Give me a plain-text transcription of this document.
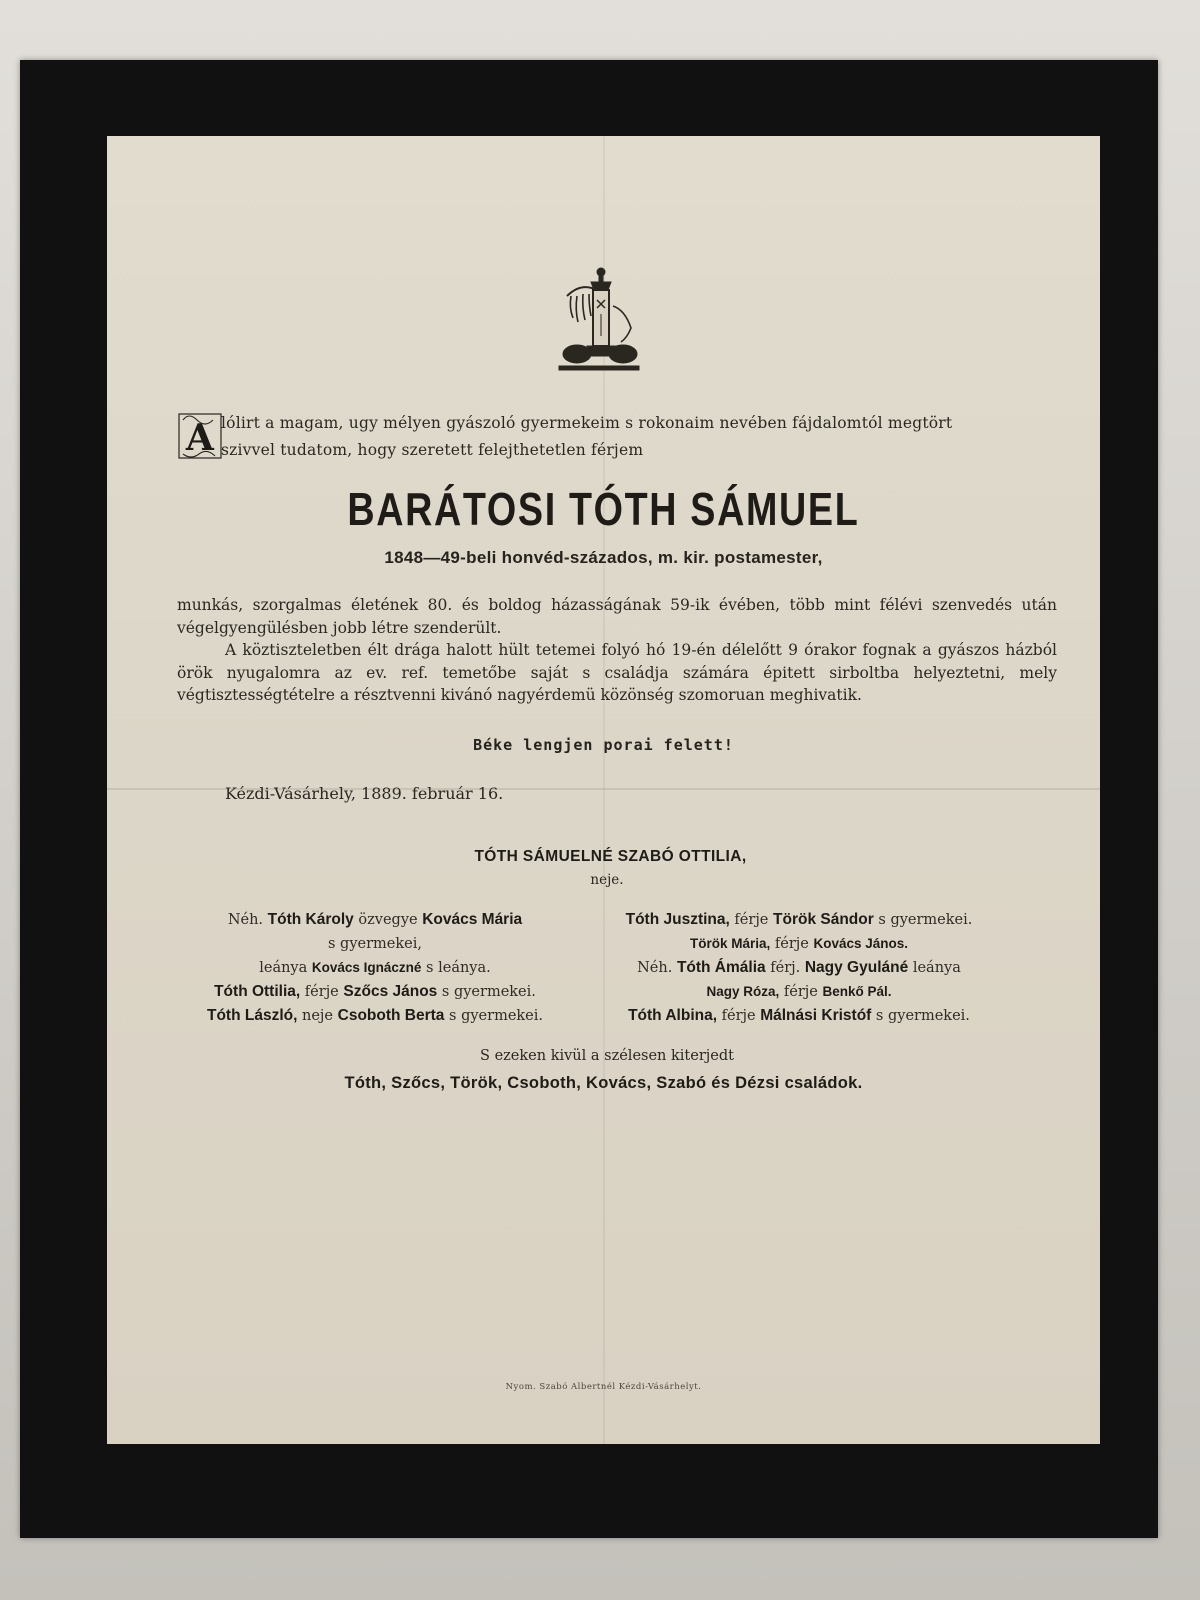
A lólirt a magam, ugy mélyen gyászoló gyermekeim s rokonaim nevében fájdalomtól megtört
szivvel tudatom, hogy szeretett felejthetetlen férjem
BARÁTOSI TÓTH SÁMUEL
1848—49-beli honvéd-százados, m. kir. postamester,

munkás, szorgalmas életének 80. és boldog házasságának 59-ik évében, több mint félévi szenvedés után végelgyengülésben jobb létre szenderült.

A köztiszteletben élt drága halott hült tetemei folyó hó 19-én délelőtt 9 órakor fognak a gyászos házból örök nyugalomra az ev. ref. temetőbe saját s családja számára épitett sirboltba helyeztetni, mely végtisztességtételre a résztvenni kivánó nagyérdemü közönség szomoruan meghivatik.

Béke lengjen porai felett!
Kézdi-Vásárhely, 1889. február 16.
TÓTH SÁMUELNÉ SZABÓ OTTILIA,
neje.
Néh. Tóth Károly özvegye Kovács Mária
s gyermekei,
leánya Kovács Ignáczné s leánya.
Tóth Ottilia, férje Szőcs János s gyermekei.
Tóth László, neje Csoboth Berta s gyermekei.
Tóth Jusztina, férje Török Sándor s gyermekei.
Török Mária, férje Kovács János.
Néh. Tóth Ámália férj. Nagy Gyuláné leánya
Nagy Róza, férje Benkő Pál.
Tóth Albina, férje Málnási Kristóf s gyermekei.
S ezeken kivül a szélesen kiterjedt
Tóth, Szőcs, Török, Csoboth, Kovács, Szabó és Dézsi családok.
Nyom. Szabó Albertnél Kézdi-Vásárhelyt.
